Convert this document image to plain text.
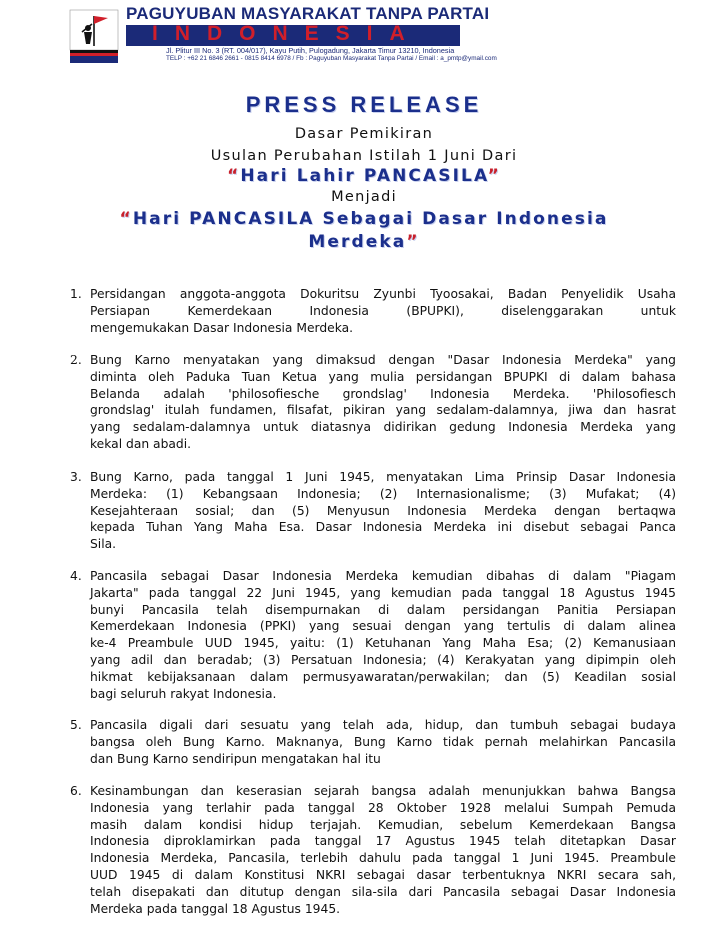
PAGUYUBAN MASYARAKAT TANPA PARTAI
INDONESIA
Jl. Plitur III No. 3 (RT. 004/017), Kayu Putih, Pulogadung, Jakarta Timur 13210, Indonesia
TELP : +62 21 6846 2661 - 0815 8414 6978 / Fb : Paguyuban Masyarakat Tanpa Partai / Email : a_pmtp@ymail.com
PRESS RELEASE
Dasar Pemikiran
Usulan Perubahan Istilah 1 Juni Dari
“Hari Lahir PANCASILA”
Menjadi
“Hari PANCASILA Sebagai Dasar Indonesia
Merdeka”
1. Persidangan anggota-anggota Dokuritsu Zyunbi Tyoosakai, Badan Penyelidik Usaha
Persiapan Kemerdekaan Indonesia (BPUPKI), diselenggarakan untuk
mengemukakan Dasar Indonesia Merdeka.
2. Bung Karno menyatakan yang dimaksud dengan "Dasar Indonesia Merdeka" yang
diminta oleh Paduka Tuan Ketua yang mulia persidangan BPUPKI di dalam bahasa
Belanda adalah 'philosofiesche grondslag' Indonesia Merdeka. 'Philosofiesch
grondslag' itulah fundamen, filsafat, pikiran yang sedalam-dalamnya, jiwa dan hasrat
yang sedalam-dalamnya untuk diatasnya didirikan gedung Indonesia Merdeka yang
kekal dan abadi.
3. Bung Karno, pada tanggal 1 Juni 1945, menyatakan Lima Prinsip Dasar Indonesia
Merdeka: (1) Kebangsaan Indonesia; (2) Internasionalisme; (3) Mufakat; (4)
Kesejahteraan sosial; dan (5) Menyusun Indonesia Merdeka dengan bertaqwa
kepada Tuhan Yang Maha Esa. Dasar Indonesia Merdeka ini disebut sebagai Panca
Sila.
4. Pancasila sebagai Dasar Indonesia Merdeka kemudian dibahas di dalam "Piagam
Jakarta" pada tanggal 22 Juni 1945, yang kemudian pada tanggal 18 Agustus 1945
bunyi Pancasila telah disempurnakan di dalam persidangan Panitia Persiapan
Kemerdekaan Indonesia (PPKI) yang sesuai dengan yang tertulis di dalam alinea
ke-4 Preambule UUD 1945, yaitu: (1) Ketuhanan Yang Maha Esa; (2) Kemanusiaan
yang adil dan beradab; (3) Persatuan Indonesia; (4) Kerakyatan yang dipimpin oleh
hikmat kebijaksanaan dalam permusyawaratan/perwakilan; dan (5) Keadilan sosial
bagi seluruh rakyat Indonesia.
5. Pancasila digali dari sesuatu yang telah ada, hidup, dan tumbuh sebagai budaya
bangsa oleh Bung Karno. Maknanya, Bung Karno tidak pernah melahirkan Pancasila
dan Bung Karno sendiripun mengatakan hal itu
6. Kesinambungan dan keserasian sejarah bangsa adalah menunjukkan bahwa Bangsa
Indonesia yang terlahir pada tanggal 28 Oktober 1928 melalui Sumpah Pemuda
masih dalam kondisi hidup terjajah. Kemudian, sebelum Kemerdekaan Bangsa
Indonesia diproklamirkan pada tanggal 17 Agustus 1945 telah ditetapkan Dasar
Indonesia Merdeka, Pancasila, terlebih dahulu pada tanggal 1 Juni 1945. Preambule
UUD 1945 di dalam Konstitusi NKRI sebagai dasar terbentuknya NKRI secara sah,
telah disepakati dan ditutup dengan sila-sila dari Pancasila sebagai Dasar Indonesia
Merdeka pada tanggal 18 Agustus 1945.
